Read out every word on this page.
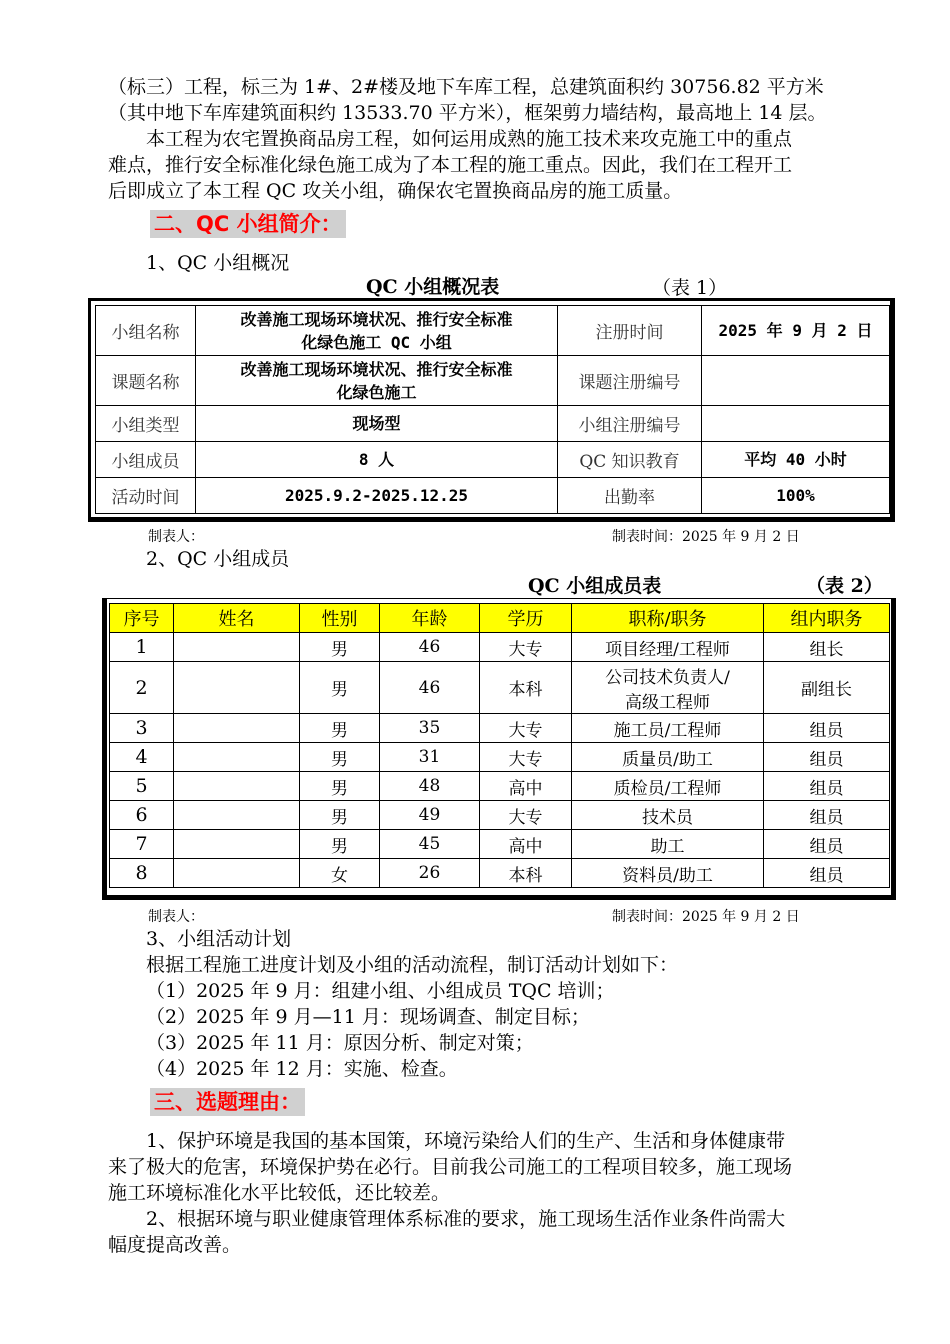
（标三）工程，标三为 1#、2#楼及地下车库工程，总建筑面积约 30756.82 平方米
（其中地下车库建筑面积约 13533.70 平方米），框架剪力墙结构，最高地上 14 层。
本工程为农宅置换商品房工程，如何运用成熟的施工技术来攻克施工中的重点
难点，推行安全标准化绿色施工成为了本工程的施工重点。因此，我们在工程开工
后即成立了本工程 QC 攻关小组，确保农宅置换商品房的施工质量。
二、QC 小组简介：
1、QC 小组概况
QC 小组概况表	（表 1）
小组名称	改善施工现场环境状况、推行安全标准
化绿色施工 QC 小组	注册时间	2025 年 9 月 2 日
课题名称	改善施工现场环境状况、推行安全标准
化绿色施工	课题注册编号	
小组类型	现场型	小组注册编号	
小组成员	8 人	QC 知识教育	平均 40 小时
活动时间	2025.9.2-2025.12.25	出勤率	100%
制表人：	制表时间：2025 年 9 月 2 日
2、QC 小组成员
QC 小组成员表	（表 2）
序号	姓名	性别	年龄	学历	职称/职务	组内职务
1		男	46	大专	项目经理/工程师	组长
2		男	46	本科	公司技术负责人/
高级工程师	副组长
3		男	35	大专	施工员/工程师	组员
4		男	31	大专	质量员/助工	组员
5		男	48	高中	质检员/工程师	组员
6		男	49	大专	技术员	组员
7		男	45	高中	助工	组员
8		女	26	本科	资料员/助工	组员
制表人：	制表时间：2025 年 9 月 2 日
3、小组活动计划
根据工程施工进度计划及小组的活动流程，制订活动计划如下：
（1）2025 年 9 月：组建小组、小组成员 TQC 培训；
（2）2025 年 9 月—11 月：现场调查、制定目标；
（3）2025 年 11 月：原因分析、制定对策；
（4）2025 年 12 月：实施、检查。
三、选题理由：
1、保护环境是我国的基本国策，环境污染给人们的生产、生活和身体健康带
来了极大的危害，环境保护势在必行。目前我公司施工的工程项目较多，施工现场
施工环境标准化水平比较低，还比较差。
2、根据环境与职业健康管理体系标准的要求，施工现场生活作业条件尚需大
幅度提高改善。
